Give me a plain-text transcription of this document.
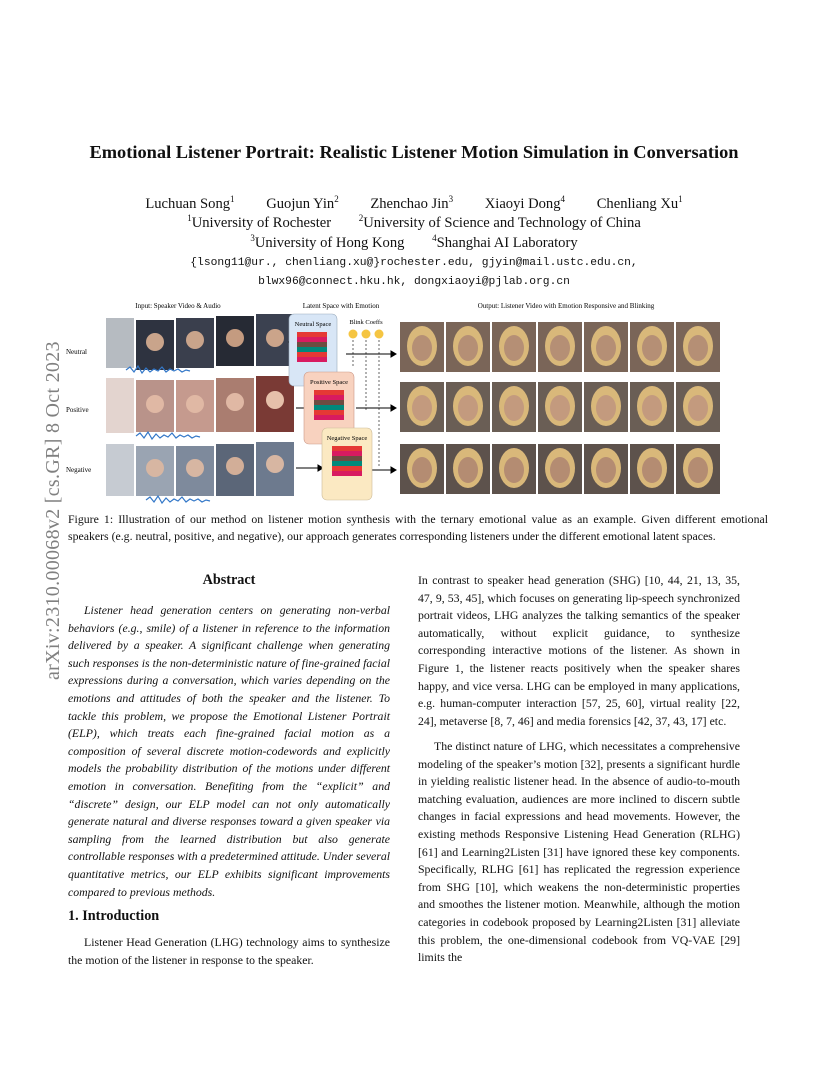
arXiv:2310.00068v2 [cs.GR] 8 Oct 2023
Emotional Listener Portrait: Realistic Listener Motion Simulation in Conversation
Luchuan Song$^1$ Guojun Yin$^2$ Zhenchao Jin$^3$ Xiaoyi Dong$^4$ Chenliang Xu$^1$
$^1$University of Rochester	$^2$University of Science and Technology of China
$^3$University of Hong Kong	$^4$Shanghai AI Laboratory
{lsong11@ur., chenliang.xu@}rochester.edu, gjyin@mail.ustc.edu.cn,
blwx96@connect.hku.hk, dongxiaoyi@pjlab.org.cn
Input: Speaker Video & Audio	Latent Space with Emotion	Output: Listener Video with Emotion Responsive and Blinking
Neutral
Positive
Negative
Neutral Space
Positive Space
Negative Space
Blink Coeffs
Figure 1: Illustration of our method on listener motion synthesis with the ternary emotional value as an example. Given different emotional speakers (e.g. neutral, positive, and negative), our approach generates corresponding listeners under the different emotional latent spaces.
Abstract
Listener head generation centers on generating non-verbal behaviors (e.g., smile) of a listener in reference to the information delivered by a speaker. A significant challenge when generating such responses is the non-deterministic nature of fine-grained facial expressions during a conversation, which varies depending on the emotions and attitudes of both the speaker and the listener. To tackle this problem, we propose the Emotional Listener Portrait (ELP), which treats each fine-grained facial motion as a composition of several discrete motion-codewords and explicitly models the probability distribution of the motions under different emotion in conversation. Benefiting from the “explicit” and “discrete” design, our ELP model can not only automatically generate natural and diverse responses toward a given speaker via sampling from the learned distribution but also generate controllable responses with a predetermined attitude. Under several quantitative metrics, our ELP exhibits significant improvements compared to previous methods.
1. Introduction
Listener Head Generation (LHG) technology aims to synthesize the motion of the listener in response to the speaker.
In contrast to speaker head generation (SHG) [10, 44, 21, 13, 35, 47, 9, 53, 45], which focuses on generating lip-speech synchronized portrait videos, LHG analyzes the talking semantics of the speaker automatically, without explicit guidance, to synthesize corresponding interactive motions of the listener. As shown in Figure 1, the listener reacts positively when the speaker shares happy, and vice versa. LHG can be employed in many applications, e.g. human-computer interaction [57, 25, 60], virtual reality [22, 24], metaverse [8, 7, 46] and media forensics [42, 37, 43, 17] etc.
The distinct nature of LHG, which necessitates a comprehensive modeling of the speaker’s motion [32], presents a significant hurdle in yielding realistic listener head. In the absence of audio-to-mouth matching evaluation, audiences are more inclined to discern subtle changes in facial expressions and head movements. However, the existing methods Responsive Listening Head Generation (RLHG) [61] and Learning2Listen [31] have ignored these key components. Specifically, RLHG [61] has replicated the regression experience from SHG [10], which weakens the non-deterministic properties and smoothes the listener motion. Meanwhile, although the motion categories in codebook proposed by Learning2Listen [31] alleviate this problem, the one-dimensional codebook from VQ-VAE [29] limits the
